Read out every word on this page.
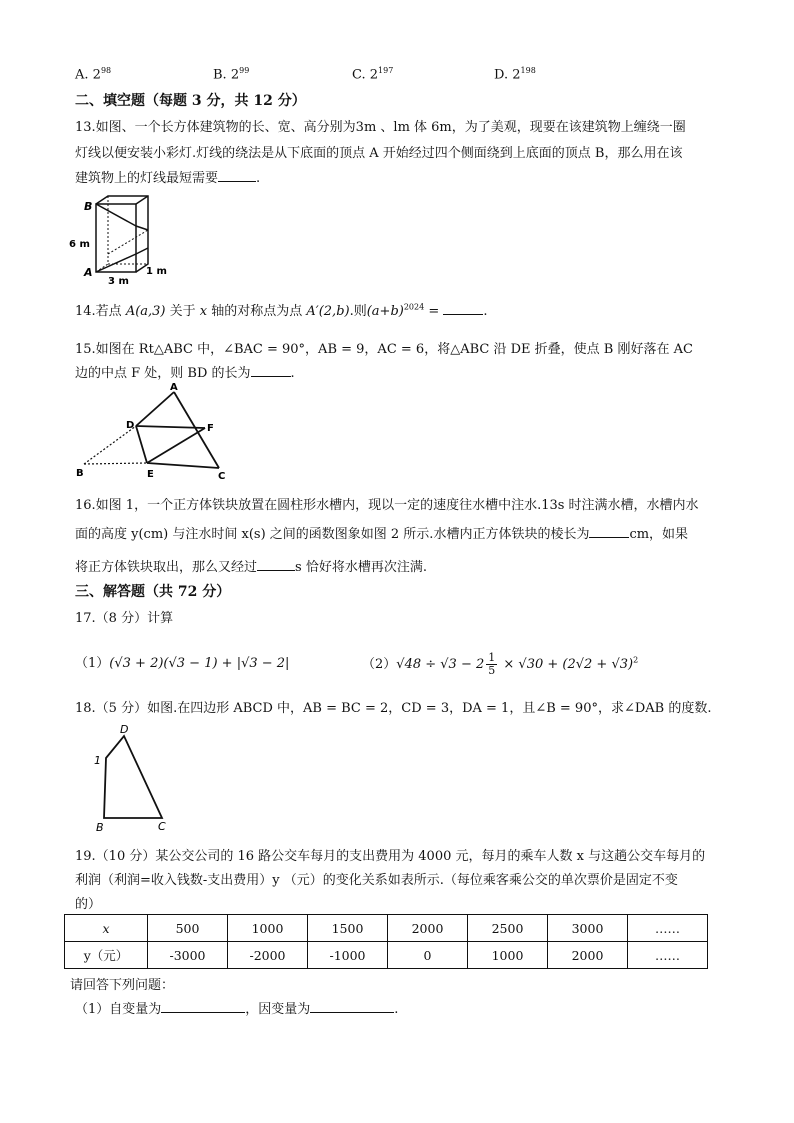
A. $2^{98}$	B. $2^{99}$	C. $2^{197}$	D. $2^{198}$
二、填空题（每题 3 分，共 12 分）
13.如图、一个长方体建筑物的长、宽、高分别为3m 、lm 体 6m，为了美观，现要在该建筑物上缠绕一圈
灯线以便安装小彩灯.灯线的绕法是从下底面的顶点 A 开始经过四个侧面绕到上底面的顶点 B，那么用在该
建筑物上的灯线最短需要	.
B
A
6 m
3 m
1 m
14.若点 A(a,3) 关于 x 轴的对称点为点 A′(2,b).则$(a+b)^{2024}$ =	.
15.如图在 Rt△ABC 中，∠BAC = 90°，AB = 9，AC = 6，将△ABC 沿 DE 折叠，使点 B 刚好落在 AC
边的中点 F 处，则 BD 的长为	.
A
D	F
B	E	C
16.如图 1，一个正方体铁块放置在圆柱形水槽内，现以一定的速度往水槽中注水.13s 时注满水槽，水槽内水
面的高度 y(cm) 与注水时间 x(s) 之间的函数图象如图 2 所示.水槽内正方体铁块的棱长为	cm，如果
将正方体铁块取出，那么又经过	s 恰好将水槽再次注满.
三、解答题（共 72 分）
17.（8 分）计算
（1）(√3 + 2)(√3 − 1) + |√3 − 2|	$(2)√48 \div √3 - 2 \frac{1}{5} \times √30 + (2√2 + √3)^2$
18.（5 分）如图.在四边形 ABCD 中，AB = BC = 2，CD = 3，DA = 1，且∠B = 90°，求∠DAB 的度数.
D
1
B	C
19.（10 分）某公交公司的 16 路公交车每月的支出费用为 4000 元，每月的乘车人数 x 与这趟公交车每月的
利润（利润=收入钱数-支出费用）y （元）的变化关系如表所示.（每位乘客乘公交的单次票价是固定不变
的）
x	500	1000	1500	2000	2500	3000	……
y（元）	-3000	-2000	-1000	0	1000	2000	……
请回答下列问题：
（1）自变量为	，因变量为	.
